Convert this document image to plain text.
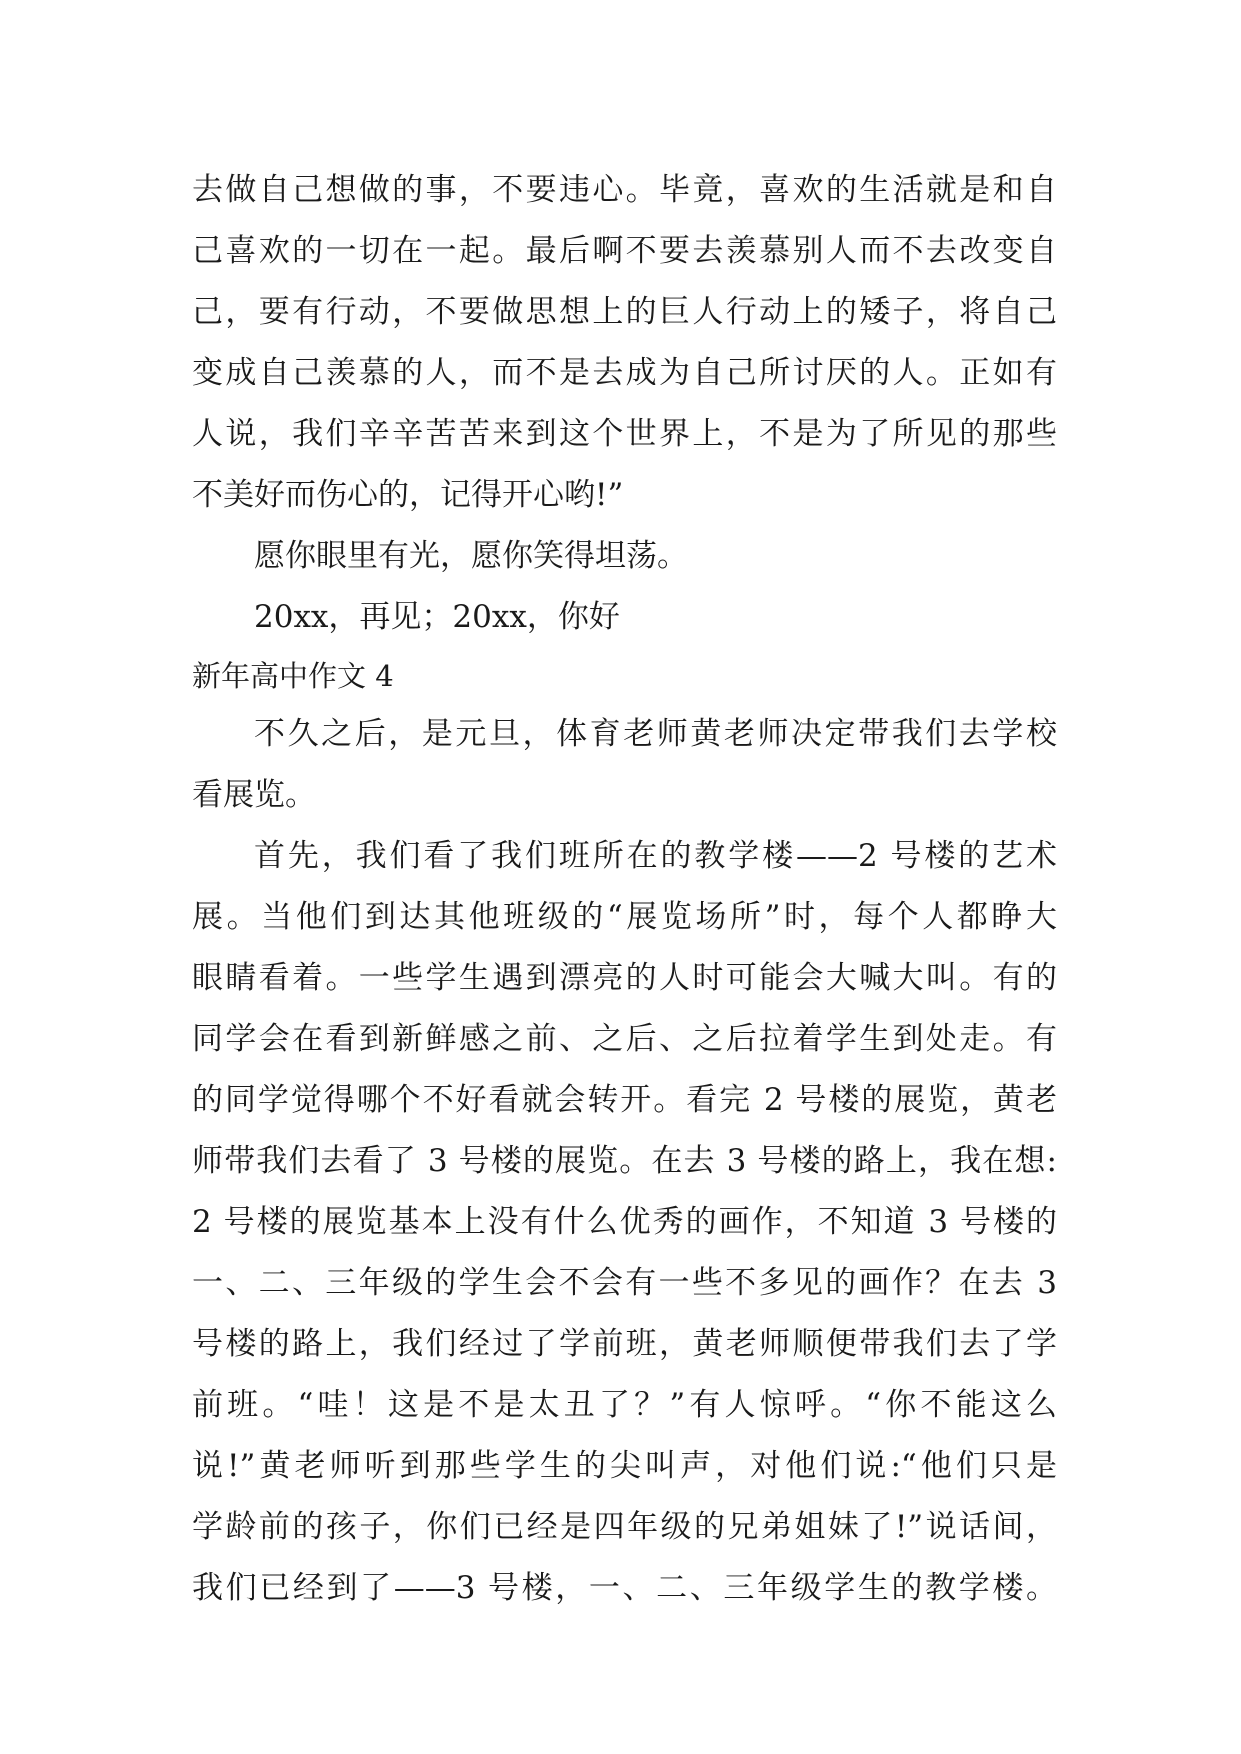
去做自己想做的事，不要违心。毕竟，喜欢的生活就是和自
己喜欢的一切在一起。最后啊不要去羡慕别人而不去改变自
己，要有行动，不要做思想上的巨人行动上的矮子，将自己
变成自己羡慕的人，而不是去成为自己所讨厌的人。正如有
人说，我们辛辛苦苦来到这个世界上，不是为了所见的那些
不美好而伤心的，记得开心哟!”
愿你眼里有光，愿你笑得坦荡。
20xx，再见；20xx，你好
新年高中作文 4
不久之后，是元旦，体育老师黄老师决定带我们去学校
看展览。
首先，我们看了我们班所在的教学楼——2 号楼的艺术
展。当他们到达其他班级的“展览场所”时，每个人都睁大
眼睛看着。一些学生遇到漂亮的人时可能会大喊大叫。有的
同学会在看到新鲜感之前、之后、之后拉着学生到处走。有
的同学觉得哪个不好看就会转开。看完 2 号楼的展览，黄老
师带我们去看了 3 号楼的展览。在去 3 号楼的路上，我在想:
2 号楼的展览基本上没有什么优秀的画作，不知道 3 号楼的
一、二、三年级的学生会不会有一些不多见的画作？在去 3
号楼的路上，我们经过了学前班，黄老师顺便带我们去了学
前班。“哇！这是不是太丑了？”有人惊呼。“你不能这么
说!”黄老师听到那些学生的尖叫声，对他们说:“他们只是
学龄前的孩子，你们已经是四年级的兄弟姐妹了!”说话间，
我们已经到了——3 号楼，一、二、三年级学生的教学楼。
